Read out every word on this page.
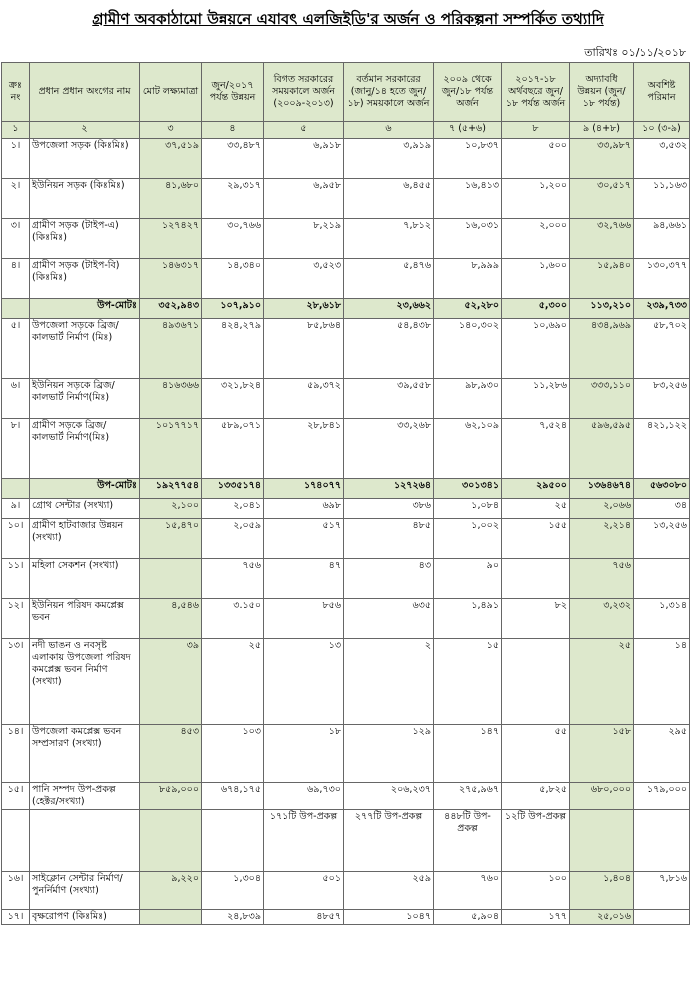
গ্রামীণ অবকাঠামো উন্নয়নে এযাবৎ এলজিইডি'র অর্জন ও পরিকল্পনা সম্পর্কিত তথ্যাদি
তারিখঃ ০১/১১/২০১৮
ক্রঃ নং	প্রধান প্রধান অংগের নাম	মোট লক্ষ্যমাত্রা	জুন/২০১৭ পর্যন্ত উন্নয়ন	বিগত সরকারের সময়কালে অর্জন (২০০৯-২০১৩)	বর্তমান সরকারের (জানু/১৪ হতে জুন/১৮) সময়কালে অর্জন	২০০৯ থেকে জুন/১৮ পর্যন্ত অর্জন	২০১৭-১৮ অর্থবছরে জুন/১৮ পর্যন্ত অর্জন	অদ্যাবধি উন্নয়ন (জুন/১৮ পর্যন্ত)	অবশিষ্ট পরিমান
১	২	৩	৪	৫	৬	৭ (৫+৬)	৮	৯ (৪+৮)	১০ (৩-৯)
১।	উপজেলা সড়ক (কিঃমিঃ)	৩৭,৫১৯	৩৩,৪৮৭	৬,৯১৮	৩,৯১৯	১০,৮৩৭	৫০০	৩৩,৯৮৭	৩,৫৩২
২।	ইউনিয়ন সড়ক (কিঃমিঃ)	৪১,৬৮০	২৯,৩১৭	৬,৯৫৮	৬,৪৫৫	১৬,৪১৩	১,২০০	৩০,৫১৭	১১,১৬৩
৩।	গ্রামীণ সড়ক (টাইপ-এ) (কিঃমিঃ)	১২৭৪২৭	৩০,৭৬৬	৮,২১৯	৭,৮১২	১৬,০৩১	২,০০০	৩২,৭৬৬	৯৪,৬৬১
৪।	গ্রামীণ সড়ক (টাইপ-বি) (কিঃমিঃ)	১৪৬৩১৭	১৪,৩৪০	৩,৫২৩	৫,৪৭৬	৮,৯৯৯	১,৬০০	১৫,৯৪০	১৩০,৩৭৭
	উপ-মোটঃ	৩৫২,৯৪৩	১০৭,৯১০	২৮,৬১৮	২৩,৬৬২	৫২,২৮০	৫,৩০০	১১৩,২১০	২৩৯,৭৩৩
৫।	উপজেলা সড়কে ব্রিজ/ কালভার্ট নির্মাণ (মিঃ)	৪৯৩৬৭১	৪২৪,২৭৯	৮৫,৮৬৪	৫৪,৪৩৮	১৪০,৩০২	১০,৬৯০	৪৩৪,৯৬৯	৫৮,৭০২
৬।	ইউনিয়ন সড়কে ব্রিজ/ কালভার্ট নির্মাণ(মিঃ)	৪১৬৩৬৬	৩২১,৮২৪	৫৯,৩৭২	৩৯,৫৫৮	৯৮,৯৩০	১১,২৮৬	৩৩৩,১১০	৮৩,২৫৬
৮।	গ্রামীণ সড়কে ব্রিজ/কালভার্ট নির্মাণ(মিঃ)	১০১৭৭১৭	৫৮৯,০৭১	২৮,৮৪১	৩৩,২৬৮	৬২,১০৯	৭,৫২৪	৫৯৬,৫৯৫	৪২১,১২২
	উপ-মোটঃ	১৯২৭৭৫৪	১৩৩৫১৭৪	১৭৪০৭৭	১২৭২৬৪	৩০১৩৪১	২৯৫০০	১৩৬৪৬৭৪	৫৬৩০৮০
৯।	গ্রোথ সেন্টার (সংখ্যা)	২,১০০	২,০৪১	৬৯৮	৩৮৬	১,০৮৪	২৫	২,০৬৬	৩৪
১০।	গ্রামীণ হাটবাজার উন্নয়ন (সংখ্যা)	১৫,৪৭০	২,০৫৯	৫১৭	৪৮৫	১,০০২	১৫৫	২,২১৪	১৩,২৫৬
১১।	মহিলা সেকশন (সংখ্যা)		৭৫৬	৪৭	৪৩	৯০		৭৫৬	
১২।	ইউনিয়ন পরিষদ কমপ্লেক্স ভবন	৪,৫৪৬	৩.১৫০	৮৫৬	৬৩৫	১,৪৯১	৮২	৩,২৩২	১,৩১৪
১৩।	নদী ভাঙন ও নবসৃষ্ট এলাকায় উপজেলা পরিষদ কমপ্লেক্স ভবন নির্মাণ (সংখ্যা)	৩৯	২৫	১৩	২	১৫		২৫	১৪
১৪।	উপজেলা কমপ্লেক্স ভবন সম্প্রসারণ (সংখ্যা)	৪৫৩	১০৩	১৮	১২৯	১৪৭	৫৫	১৫৮	২৯৫
১৫।	পানি সম্পদ উপ-প্রকল্প (হেক্টর/সংখ্যা)	৮৫৯,০০০	৬৭৪,১৭৫	৬৯,৭৩০	২০৬,২৩৭	২৭৫,৯৬৭	৫,৮২৫	৬৮০,০০০	১৭৯,০০০
				১৭১টি উপ-প্রকল্প	২৭৭টি উপ-প্রকল্প	৪৪৮টি উপ-প্রকল্প	১২টি উপ-প্রকল্প		
১৬।	সাইক্লোন সেন্টার নির্মাণ/পুনর্নির্মাণ (সংখ্যা)	৯,২২০	১,৩০৪	৫০১	২৫৯	৭৬০	১০০	১,৪০৪	৭,৮১৬
১৭।	বৃক্ষরোপণ (কিঃমিঃ)		২৪,৮৩৯	৪৮৫৭	১০৪৭	৫,৯০৪	১৭৭	২৫,০১৬	
